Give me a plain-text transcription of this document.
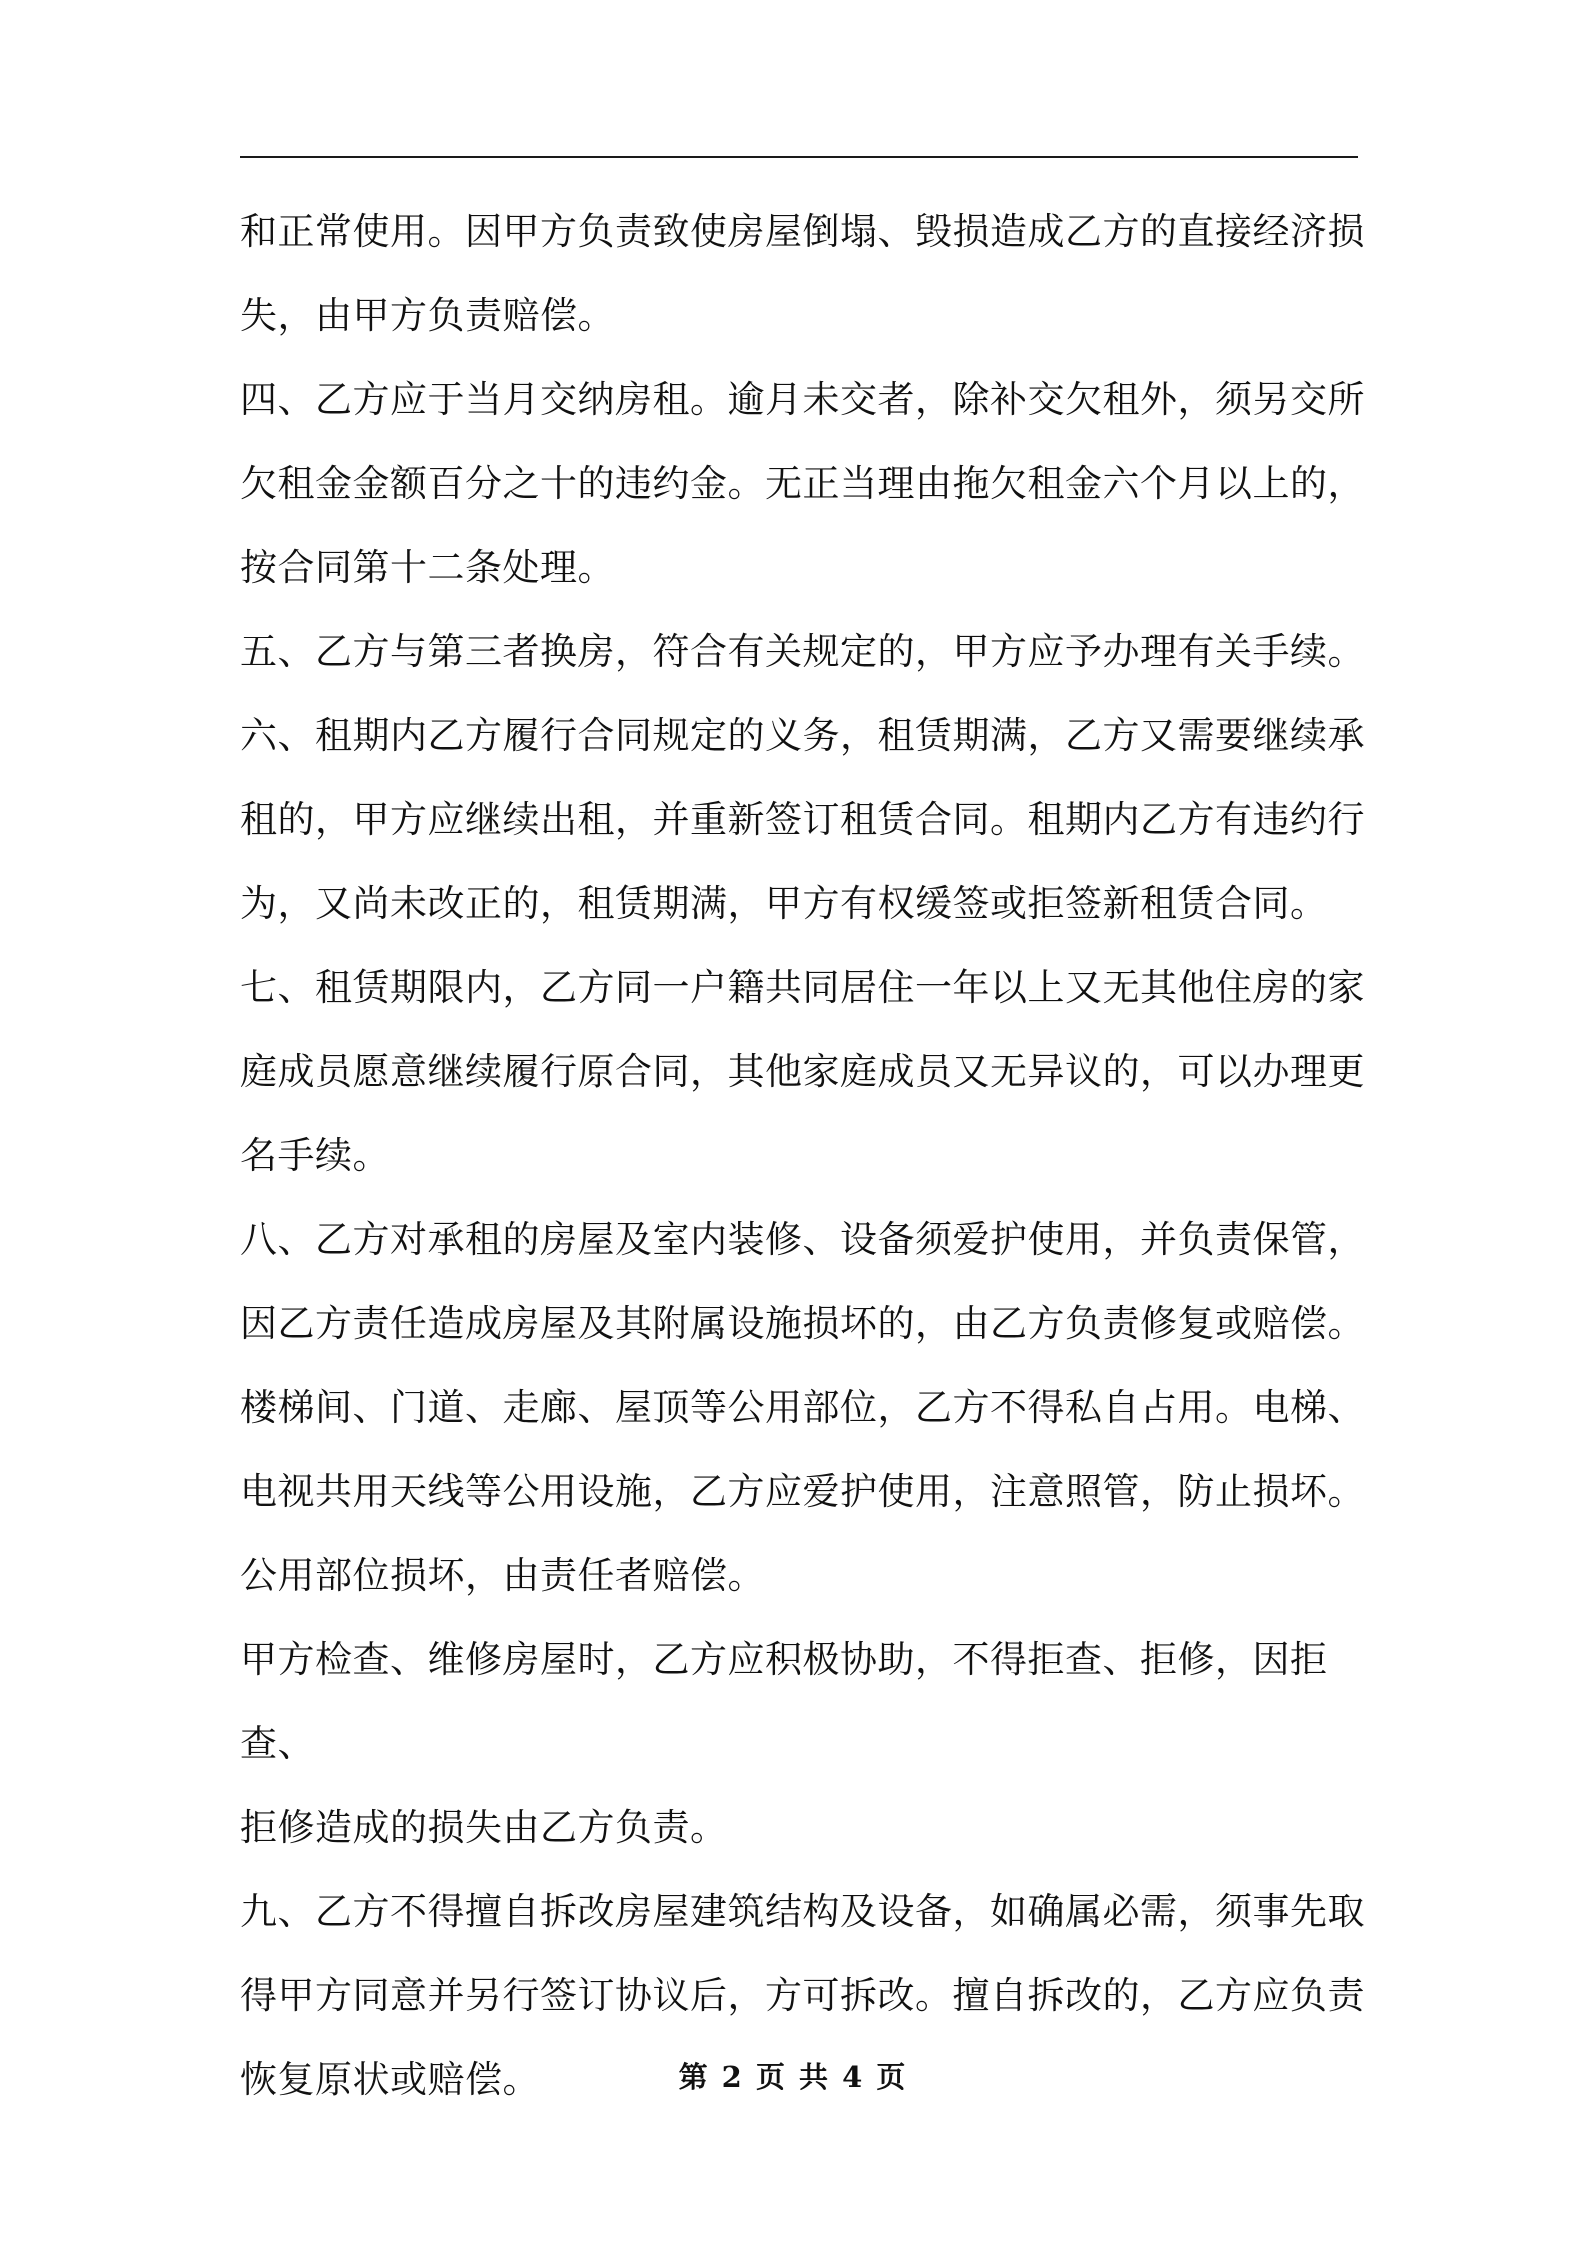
和正常使用。因甲方负责致使房屋倒塌、毁损造成乙方的直接经济损

失，由甲方负责赔偿。

四、乙方应于当月交纳房租。逾月未交者，除补交欠租外，须另交所

欠租金金额百分之十的违约金。无正当理由拖欠租金六个月以上的，

按合同第十二条处理。

五、乙方与第三者换房，符合有关规定的，甲方应予办理有关手续。

六、租期内乙方履行合同规定的义务，租赁期满，乙方又需要继续承

租的，甲方应继续出租，并重新签订租赁合同。租期内乙方有违约行

为，又尚未改正的，租赁期满，甲方有权缓签或拒签新租赁合同。

七、租赁期限内，乙方同一户籍共同居住一年以上又无其他住房的家

庭成员愿意继续履行原合同，其他家庭成员又无异议的，可以办理更

名手续。

八、乙方对承租的房屋及室内装修、设备须爱护使用，并负责保管，

因乙方责任造成房屋及其附属设施损坏的，由乙方负责修复或赔偿。

楼梯间、门道、走廊、屋顶等公用部位，乙方不得私自占用。电梯、

电视共用天线等公用设施，乙方应爱护使用，注意照管，防止损坏。

公用部位损坏，由责任者赔偿。

甲方检查、维修房屋时，乙方应积极协助，不得拒查、拒修，因拒查、

拒修造成的损失由乙方负责。

九、乙方不得擅自拆改房屋建筑结构及设备，如确属必需，须事先取

得甲方同意并另行签订协议后，方可拆改。擅自拆改的，乙方应负责

恢复原状或赔偿。	第 2 页 共 4 页
